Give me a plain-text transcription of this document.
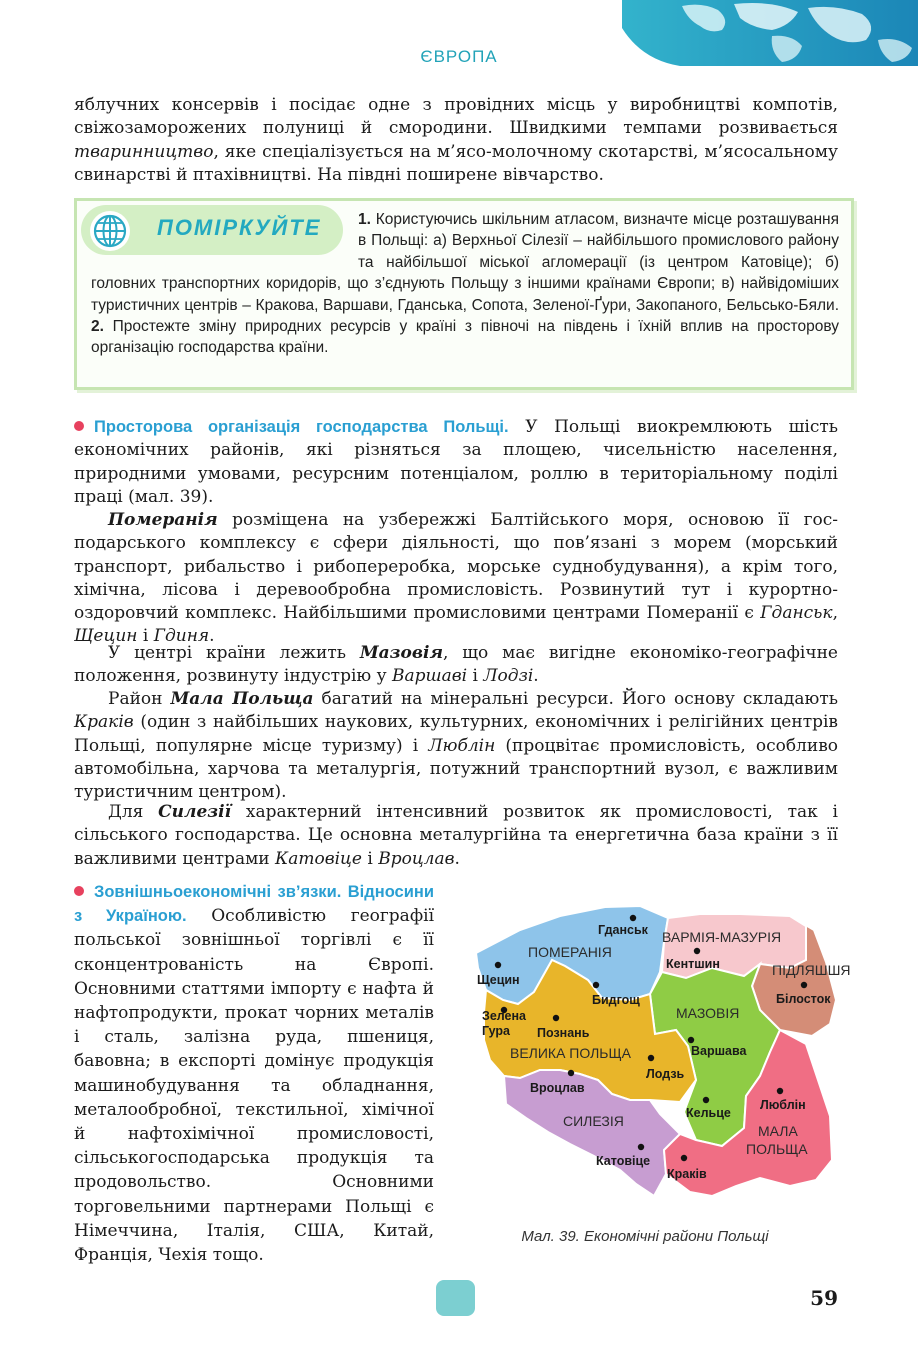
ЄВРОПА

яблучних консервів і посідає одне з провідних місць у виробництві компотів, свіжозаморожених полуниці й смородини. Швидкими темпами розвивається тваринництво, яке спеціалізується на м’ясо-молочному скотарстві, м’ясосальному свинарстві й птахівництві. На півдні поширене вівчарство.

ПОМІРКУЙТЕ	1. Користуючись шкільним атласом, визначте місце розташування в Польщі: а) Верхньої Сілезії – найбільшого промислового району та найбільшої міської агломерації (із центром Катовіце); б) головних транспортних коридорів, що з’єднують Польщу з іншими країнами Європи; в) найвідоміших туристичних центрів – Кракова, Варшави, Гданська, Сопота, Зеленої-Ґури, Закопаного, Бельсько-Бяли. 2. Простежте зміну природних ресурсів у країні з півночі на південь і їхній вплив на просторову організацію господарства країни.

Просторова організація господарства Польщі. У Польщі виокремлюють шість економічних районів, які різняться за площею, чисельністю населення, природними умовами, ресурсним потенціалом, роллю в територіальному поділі праці (мал. 39).

Померанія розміщена на узбережжі Балтійського моря, основою її господарського комплексу є сфери діяльності, що пов’язані з морем (морський транспорт, рибальство і рибопереробка, морське суднобудування), а крім того, хімічна, лісова і деревообробна промисловість. Розвинутий тут і курортно-оздоровчий комплекс. Найбільшими промисловими центрами Померанії є Гданськ, Щецин і Гдиня.

У центрі країни лежить Мазовія, що має вигідне економіко-географічне положення, розвинуту індустрію у Варшаві і Лодзі.

Район Мала Польща багатий на мінеральні ресурси. Його основу складають Краків (один з найбільших наукових, культурних, економічних і релігійних центрів Польщі, популярне місце туризму) і Люблін (процвітає промисловість, особливо автомобільна, харчова та металургія, потужний транспортний вузол, є важливим туристичним центром).

Для Силезії характерний інтенсивний розвиток як промисловості, так і сільського господарства. Це основна металургійна та енергетична база країни з її важливими центрами Катовіце і Вроцлав.

Зовнішньоекономічні зв’язки. Відносини з Україною. Особливістю географії польської зовнішньої торгівлі є її сконцентрованість на Європі. Основними статтями імпорту є нафта й нафтопродукти, прокат чорних металів і сталь, залізна руда, пшениця, бавовна; в експорті домінує продукція машинобудування та обладнання, металообробної, текстильної, хімічної й нафтохімічної промисловості, сільськогосподарська продукція та продовольство. Основними торговельними партнерами Польщі є Німеччина, Італія, США, Китай, Франція, Чехія тощо.

ПОМЕРАНІЯ
ВАРМІЯ-МАЗУРІЯ
ПІДЛЯШШЯ
МАЗОВІЯ
ВЕЛИКА ПОЛЬЩА
СИЛЕЗІЯ
МАЛА
ПОЛЬЩА
Гданськ
Щецин
Кентшин
Білосток
Бидгощ
Зелена
Гура Познань
Варшава
Лодзь
Вроцлав
Кельце
Люблін
Катовіце
Краків
Мал. 39. Економічні райони Польщі
59
